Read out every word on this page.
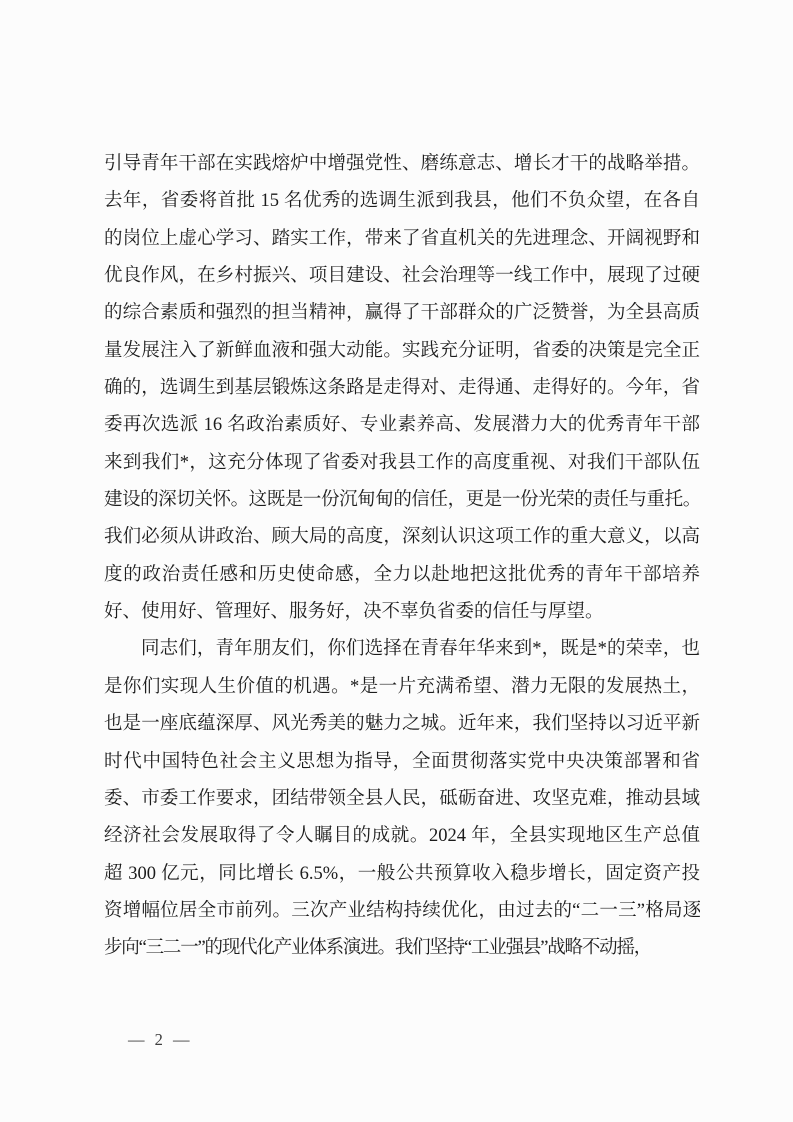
引导青年干部在实践熔炉中增强党性、磨练意志、增长才干的战略举措。
去年，省委将首批 15 名优秀的选调生派到我县，他们不负众望，在各自
的岗位上虚心学习、踏实工作，带来了省直机关的先进理念、开阔视野和
优良作风，在乡村振兴、项目建设、社会治理等一线工作中，展现了过硬
的综合素质和强烈的担当精神，赢得了干部群众的广泛赞誉，为全县高质
量发展注入了新鲜血液和强大动能。实践充分证明，省委的决策是完全正
确的，选调生到基层锻炼这条路是走得对、走得通、走得好的。今年，省
委再次选派 16 名政治素质好、专业素养高、发展潜力大的优秀青年干部
来到我们*，这充分体现了省委对我县工作的高度重视、对我们干部队伍
建设的深切关怀。这既是一份沉甸甸的信任，更是一份光荣的责任与重托。
我们必须从讲政治、顾大局的高度，深刻认识这项工作的重大意义，以高
度的政治责任感和历史使命感，全力以赴地把这批优秀的青年干部培养
好、使用好、管理好、服务好，决不辜负省委的信任与厚望。
同志们，青年朋友们，你们选择在青春年华来到*，既是*的荣幸，也
是你们实现人生价值的机遇。*是一片充满希望、潜力无限的发展热土，
也是一座底蕴深厚、风光秀美的魅力之城。近年来，我们坚持以习近平新
时代中国特色社会主义思想为指导，全面贯彻落实党中央决策部署和省
委、市委工作要求，团结带领全县人民，砥砺奋进、攻坚克难，推动县域
经济社会发展取得了令人瞩目的成就。2024 年，全县实现地区生产总值
超 300 亿元，同比增长 6.5%，一般公共预算收入稳步增长，固定资产投
资增幅位居全市前列。三次产业结构持续优化，由过去的“二一三”格局逐
步向“三二一”的现代化产业体系演进。我们坚持“工业强县”战略不动摇，
— 2 —
